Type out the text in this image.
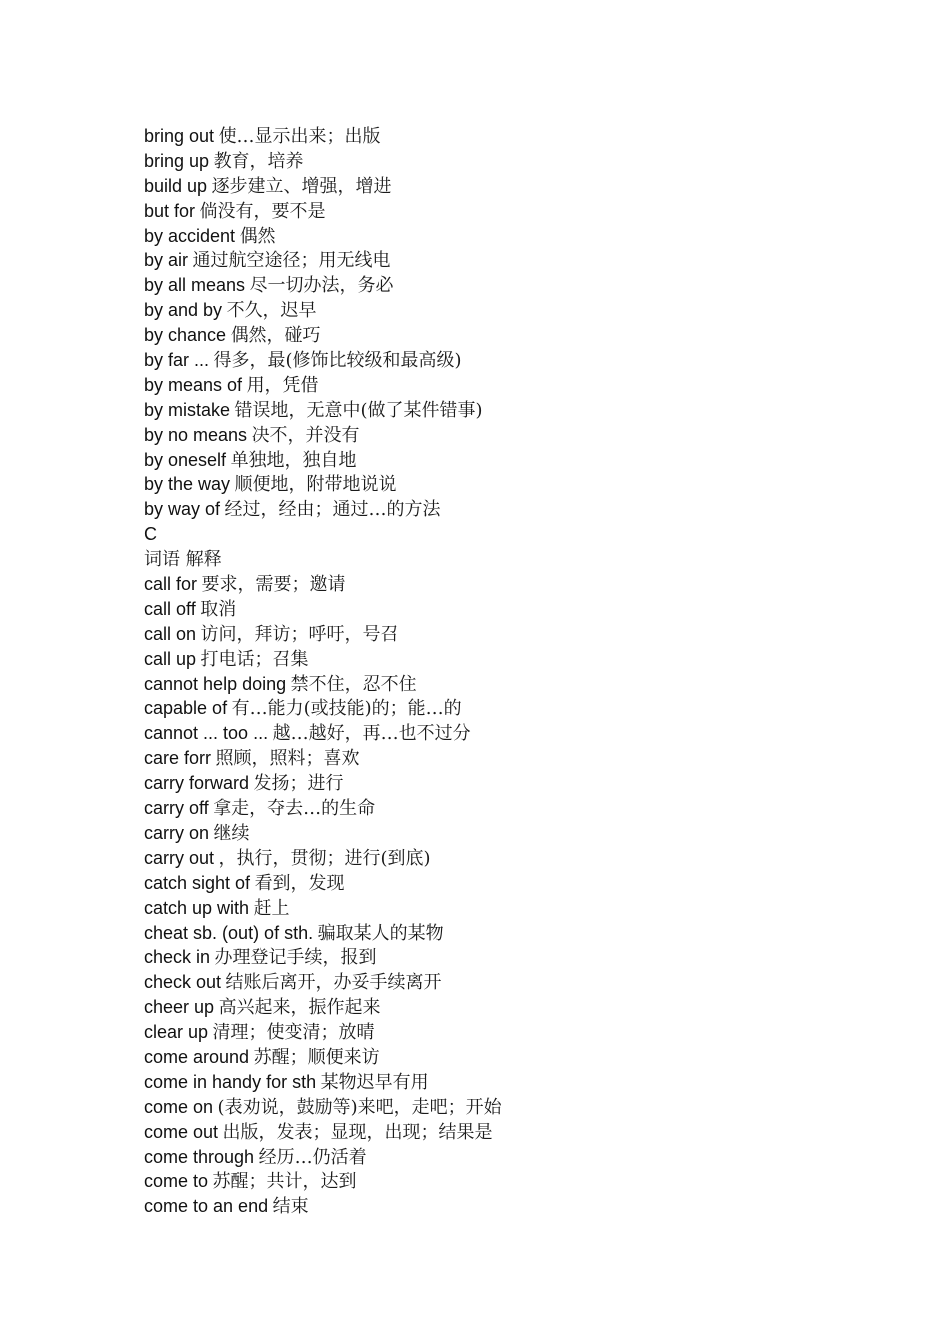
bring out 使…显示出来；出版
bring up 教育，培养
build up 逐步建立、增强，增进
but for 倘没有，要不是
by accident 偶然
by air 通过航空途径；用无线电
by all means 尽一切办法，务必
by and by 不久，迟早
by chance 偶然，碰巧
by far ... 得多，最(修饰比较级和最高级)
by means of 用，凭借
by mistake 错误地，无意中(做了某件错事)
by no means 决不，并没有
by oneself 单独地，独自地
by the way 顺便地，附带地说说
by way of 经过，经由；通过…的方法
C
词语 解释
call for 要求，需要；邀请
call off 取消
call on 访问，拜访；呼吁，号召
call up 打电话；召集
cannot help doing 禁不住，忍不住
capable of 有…能力(或技能)的；能…的
cannot ... too ... 越…越好，再…也不过分
care forr 照顾，照料；喜欢
carry forward 发扬；进行
carry off 拿走，夺去…的生命
carry on 继续
carry out ，执行，贯彻；进行(到底)
catch sight of 看到，发现
catch up with 赶上
cheat sb. (out) of sth. 骗取某人的某物
check in 办理登记手续，报到
check out 结账后离开，办妥手续离开
cheer up 高兴起来，振作起来
clear up 清理；使变清；放晴
come around 苏醒；顺便来访
come in handy for sth 某物迟早有用
come on (表劝说，鼓励等)来吧，走吧；开始
come out 出版，发表；显现，出现；结果是
come through 经历…仍活着
come to 苏醒；共计，达到
come to an end 结束
